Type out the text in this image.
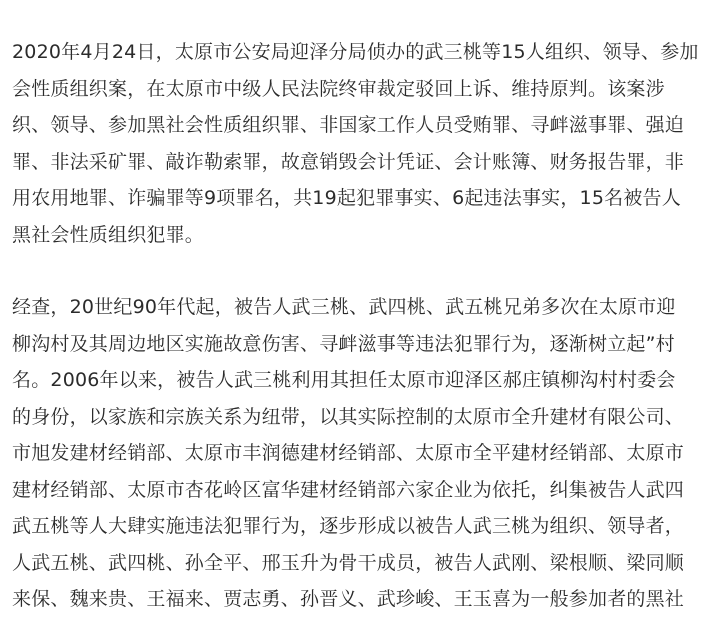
2020年4月24日，太原市公安局迎泽分局侦办的武三桃等15人组织、领导、参加
会性质组织案，在太原市中级人民法院终审裁定驳回上诉、维持原判。该案涉
织、领导、参加黑社会性质组织罪、非国家工作人员受贿罪、寻衅滋事罪、强迫
罪、非法采矿罪、敲诈勒索罪，故意销毁会计凭证、会计账簿、财务报告罪，非
用农用地罪、诈骗罪等9项罪名，共19起犯罪事实、6起违法事实，15名被告人
黑社会性质组织犯罪。
经查，20世纪90年代起，被告人武三桃、武四桃、武五桃兄弟多次在太原市迎
柳沟村及其周边地区实施故意伤害、寻衅滋事等违法犯罪行为，逐渐树立起”村
名。2006年以来，被告人武三桃利用其担任太原市迎泽区郝庄镇柳沟村村委会
的身份，以家族和宗族关系为纽带，以其实际控制的太原市全升建材有限公司、
市旭发建材经销部、太原市丰润德建材经销部、太原市全平建材经销部、太原市
建材经销部、太原市杏花岭区富华建材经销部六家企业为依托，纠集被告人武四
武五桃等人大肆实施违法犯罪行为，逐步形成以被告人武三桃为组织、领导者，
人武五桃、武四桃、孙全平、邢玉升为骨干成员，被告人武刚、梁根顺、梁同顺
来保、魏来贵、王福来、贾志勇、孙晋义、武珍峻、王玉喜为一般参加者的黑社
